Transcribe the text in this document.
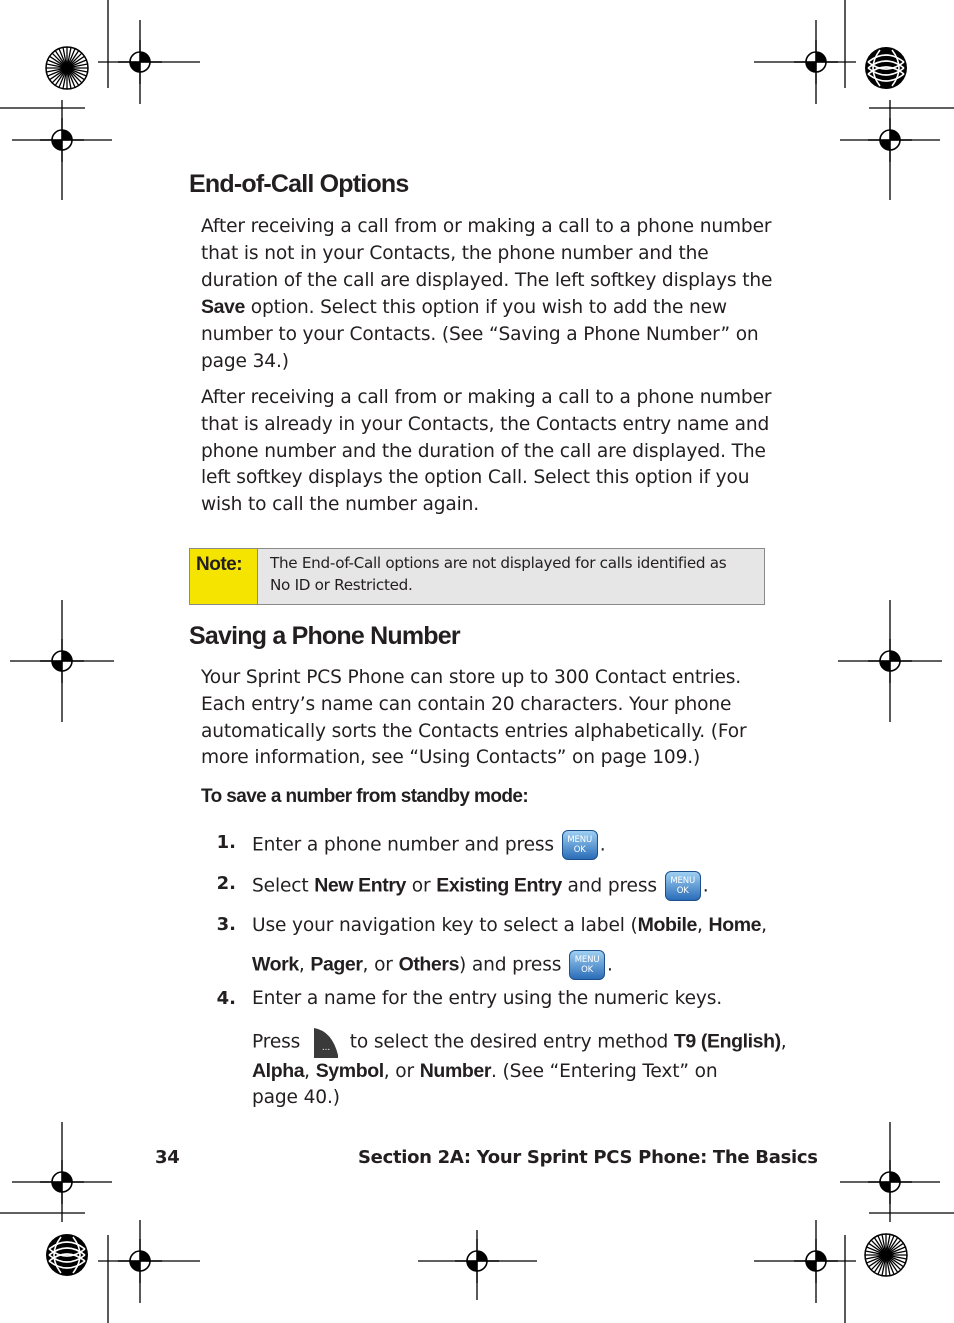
End-of-Call Options

After receiving a call from or making a call to a phone number that is not in your Contacts, the phone number and the duration of the call are displayed. The left softkey displays the Save option. Select this option if you wish to add the new number to your Contacts. (See “Saving a Phone Number” on page 34.)

After receiving a call from or making a call to a phone number that is already in your Contacts, the Contacts entry name and phone number and the duration of the call are displayed. The left softkey displays the option Call. Select this option if you wish to call the number again.

Note:	The End-of-Call options are not displayed for calls identified as No ID or Restricted.
Saving a Phone Number

Your Sprint PCS Phone can store up to 300 Contact entries. Each entry’s name can contain 20 characters. Your phone automatically sorts the Contacts entries alphabetically. (For more information, see “Using Contacts” on page 109.)

To save a number from standby mode:

1. Enter a phone number and press MENU
OK .
2. Select New Entry or Existing Entry and press MENU
OK .
3. Use your navigation key to select a label (Mobile, Home,
Work, Pager, or Others) and press MENU
OK .
4. Enter a name for the entry using the numeric keys.
Press ... to select the desired entry method T9 (English),
Alpha, Symbol, or Number. (See “Entering Text” on
page 40.)
34	Section 2A: Your Sprint PCS Phone: The Basics
